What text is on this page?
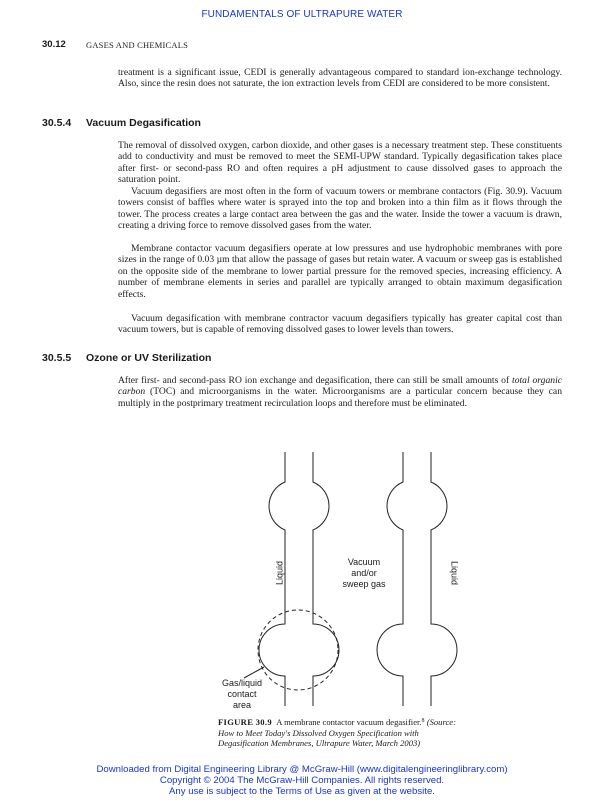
FUNDAMENTALS OF ULTRAPURE WATER
30.12 GASES AND CHEMICALS

treatment is a significant issue, CEDI is generally advantageous compared to standard ion-exchange technology. Also, since the resin does not saturate, the ion extraction levels from CEDI are considered to be more consistent.

30.5.4 Vacuum Degasification

The removal of dissolved oxygen, carbon dioxide, and other gases is a necessary treatment step. These constituents add to conductivity and must be removed to meet the SEMI-UPW standard. Typically degasification takes place after first- or second-pass RO and often requires a pH adjustment to cause dissolved gases to approach the saturation point.

Vacuum degasifiers are most often in the form of vacuum towers or membrane contactors (Fig. 30.9). Vacuum towers consist of baffles where water is sprayed into the top and broken into a thin film as it flows through the tower. The process creates a large contact area between the gas and the water. Inside the tower a vacuum is drawn, creating a driving force to remove dissolved gases from the water.

Membrane contactor vacuum degasifiers operate at low pressures and use hydrophobic membranes with pore sizes in the range of 0.03 µm that allow the passage of gases but retain water. A vacuum or sweep gas is established on the opposite side of the membrane to lower partial pressure for the removed species, increasing efficiency. A number of membrane elements in series and parallel are typically arranged to obtain maximum degasification effects.

Vacuum degasification with membrane contractor vacuum degasifiers typically has greater capital cost than vacuum towers, but is capable of removing dissolved gases to lower levels than towers.

30.5.5 Ozone or UV Sterilization

After first- and second-pass RO ion exchange and degasification, there can still be small amounts of total organic carbon (TOC) and microorganisms in the water. Microorganisms are a particular concern because they can multiply in the postprimary treatment recirculation loops and therefore must be eliminated.

Liquid	Liquid
Vacuum
and/or
sweep gas
Gas/liquid
contact
area
FIGURE 30.9 A membrane contactor vacuum degasifier.$^8$ (Source: How to Meet Today's Dissolved Oxygen Specification with Degasification Membranes, Ultrapure Water, March 2003)
Downloaded from Digital Engineering Library @ McGraw-Hill (www.digitalengineeringlibrary.com)
Copyright © 2004 The McGraw-Hill Companies. All rights reserved.
Any use is subject to the Terms of Use as given at the website.
